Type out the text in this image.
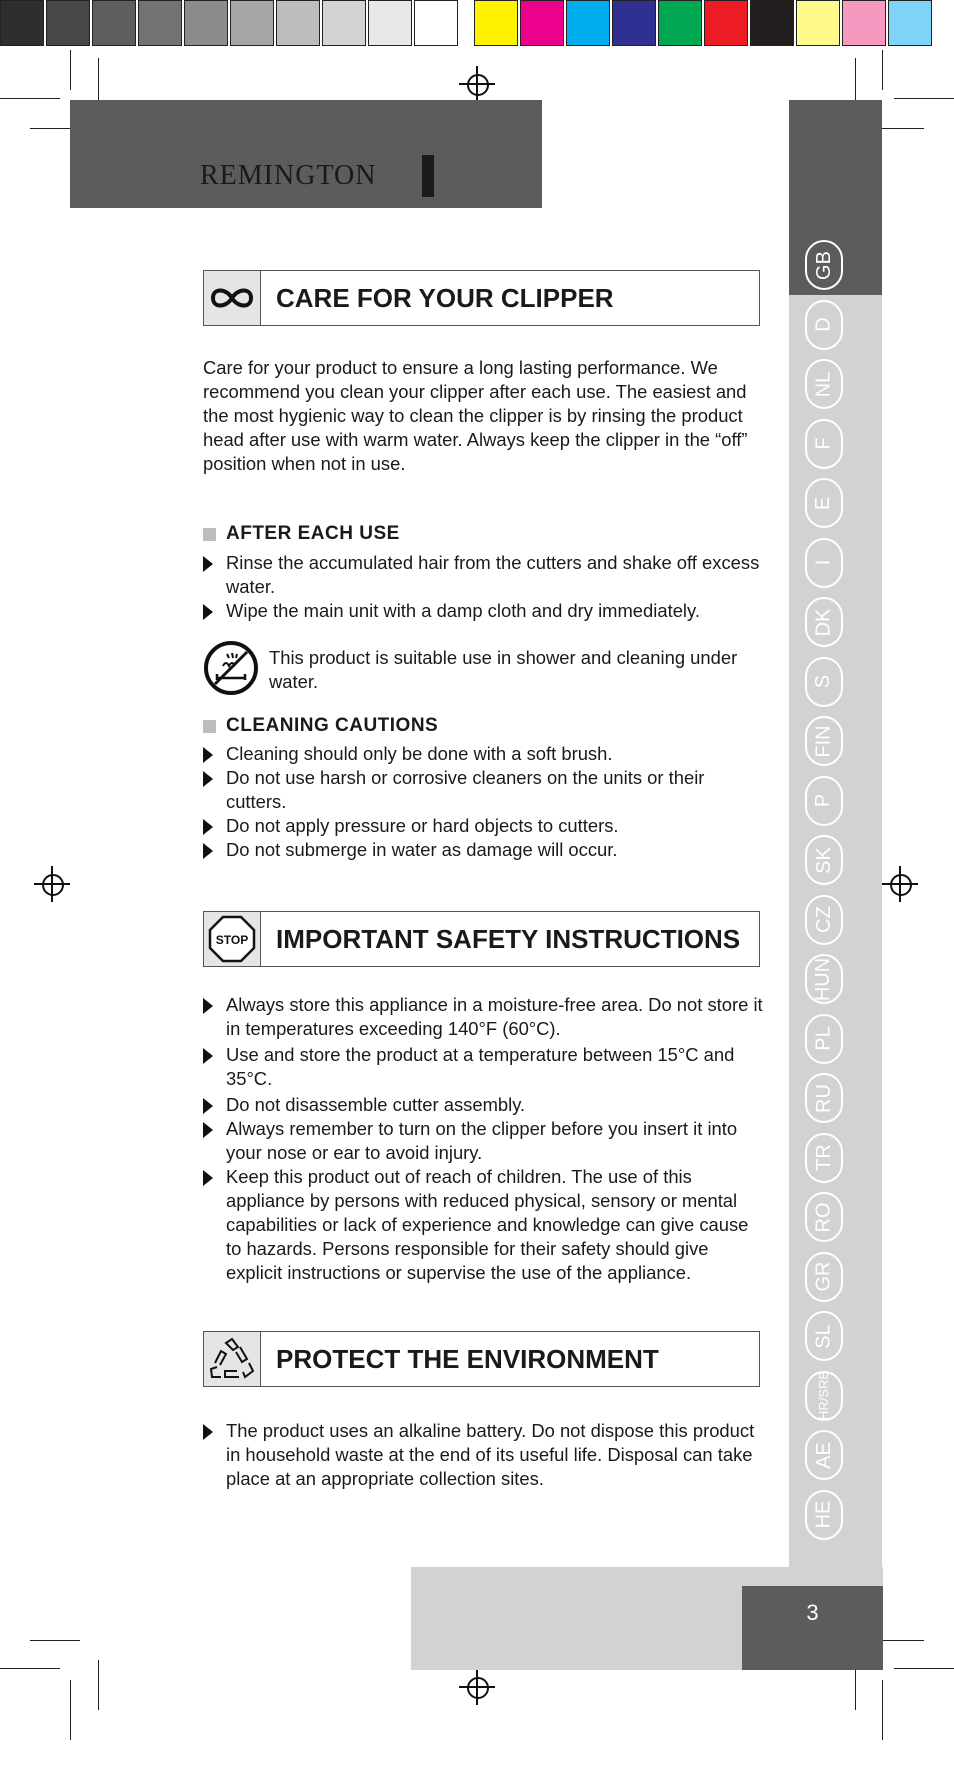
REMINGTON
GB
D
NL
F
E
I
DK
S
FIN
P
SK
CZ
HUN
PL
RU
TR
RO
GR
SL
HR/SRB
AE
HE
CARE FOR YOUR CLIPPER
Care for your product to ensure a long lasting performance. We recommend you clean your clipper after each use. The easiest and the most hygienic way to clean the clipper is by rinsing the product head after use with warm water. Always keep the clipper in the “off” position when not in use.
AFTER EACH USE
Rinse the accumulated hair from the cutters and shake off excess water.
Wipe the main unit with a damp cloth and dry immediately.
This product is suitable use in shower and cleaning under water.
CLEANING CAUTIONS
Cleaning should only be done with a soft brush.
Do not use harsh or corrosive cleaners on the units or their cutters.
Do not apply pressure or hard objects to cutters.
Do not submerge in water as damage will occur.
STOP IMPORTANT SAFETY INSTRUCTIONS
Always store this appliance in a moisture-free area. Do not store it in temperatures exceeding 140°F (60°C).
Use and store the product at a temperature between 15°C and 35°C.
Do not disassemble cutter assembly.
Always remember to turn on the clipper before you insert it into your nose or ear to avoid injury.
Keep this product out of reach of children. The use of this appliance by persons with reduced physical, sensory or mental capabilities or lack of experience and knowledge can give cause to hazards. Persons responsible for their safety should give explicit instructions or supervise the use of the appliance.
PROTECT THE ENVIRONMENT
The product uses an alkaline battery. Do not dispose this product in household waste at the end of its useful life. Disposal can take place at an appropriate collection sites.
3
